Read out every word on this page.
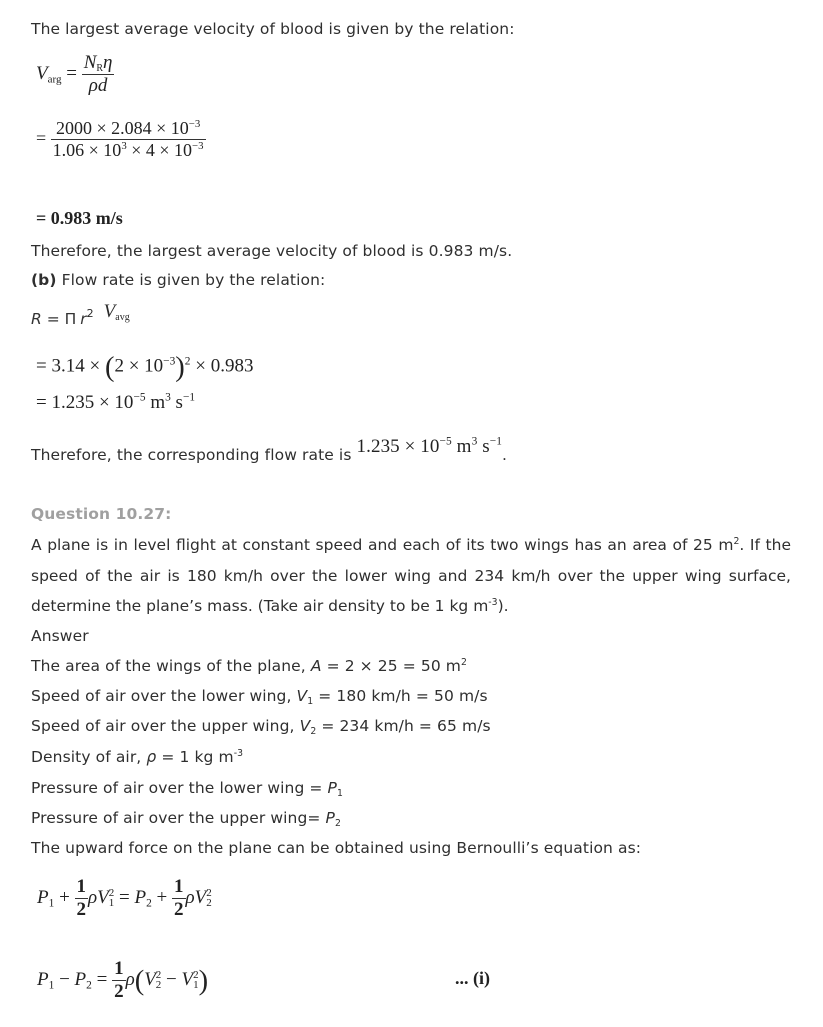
The largest average velocity of blood is given by the relation:
$V_{arg} = \frac{N_R\eta}{\rho d}$
= $\frac{2000 \times 2.084 \times 10^{-3}}{1.06 \times 10^3 \times 4 \times 10^{-3}}$
= 0.983 m/s
Therefore, the largest average velocity of blood is 0.983 m/s.
(b) Flow rate is given by the relation:
R = Π $r^2$ $V_{avg}$
= $3.14 \times (2 \times 10^{-3})^2 \times 0.983$
= $1.235 \times 10^{-5}$ $m^3$ $s^{-1}$
Therefore, the corresponding flow rate is $1.235 \times 10^{-5}$ $m^3$ $s^{-1}$.
Question 10.27:
A plane is in level flight at constant speed and each of its two wings has an area of 25 $m^2$. If the speed of the air is 180 km/h over the lower wing and 234 km/h over the upper wing surface, determine the plane’s mass. (Take air density to be 1 kg $m^{-3}$).
Answer
The area of the wings of the plane, A = 2 × 25 = 50 $m^2$
Speed of air over the lower wing, $V_1 = 180$ km/h = 50 m/s
Speed of air over the upper wing, $V_2 = 234$ km/h = 65 m/s
Density of air, ρ = 1 kg $m^{-3}$
Pressure of air over the lower wing = $P_1$
Pressure of air over the upper wing= $P_2$
The upward force on the plane can be obtained using Bernoulli’s equation as:
$P_1 + \frac{1}{2}$ ρV 2
$1 = P_2 + \frac{1}{2}$ ρV 2
2
$P_1 - P_2 = \frac{1}{2} \rho(V$ 2
2 − V 2
1 )	... (i)
